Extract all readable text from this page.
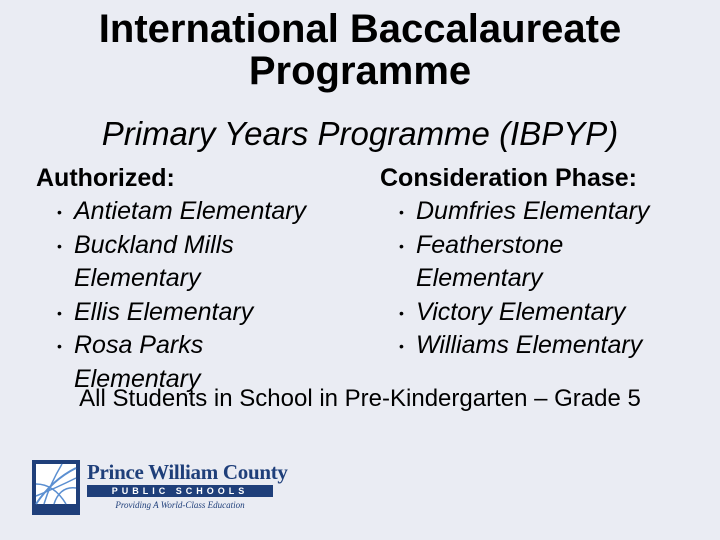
International Baccalaureate
Programme
Primary Years Programme (IBPYP)
Authorized:
• Antietam Elementary
• Buckland Mills Elementary
• Ellis Elementary
• Rosa Parks Elementary
Consideration Phase:
• Dumfries Elementary
• Featherstone Elementary
• Victory Elementary
• Williams Elementary
All Students in School in Pre-Kindergarten – Grade 5
Prince William County
PUBLIC SCHOOLS
Providing A World-Class Education
